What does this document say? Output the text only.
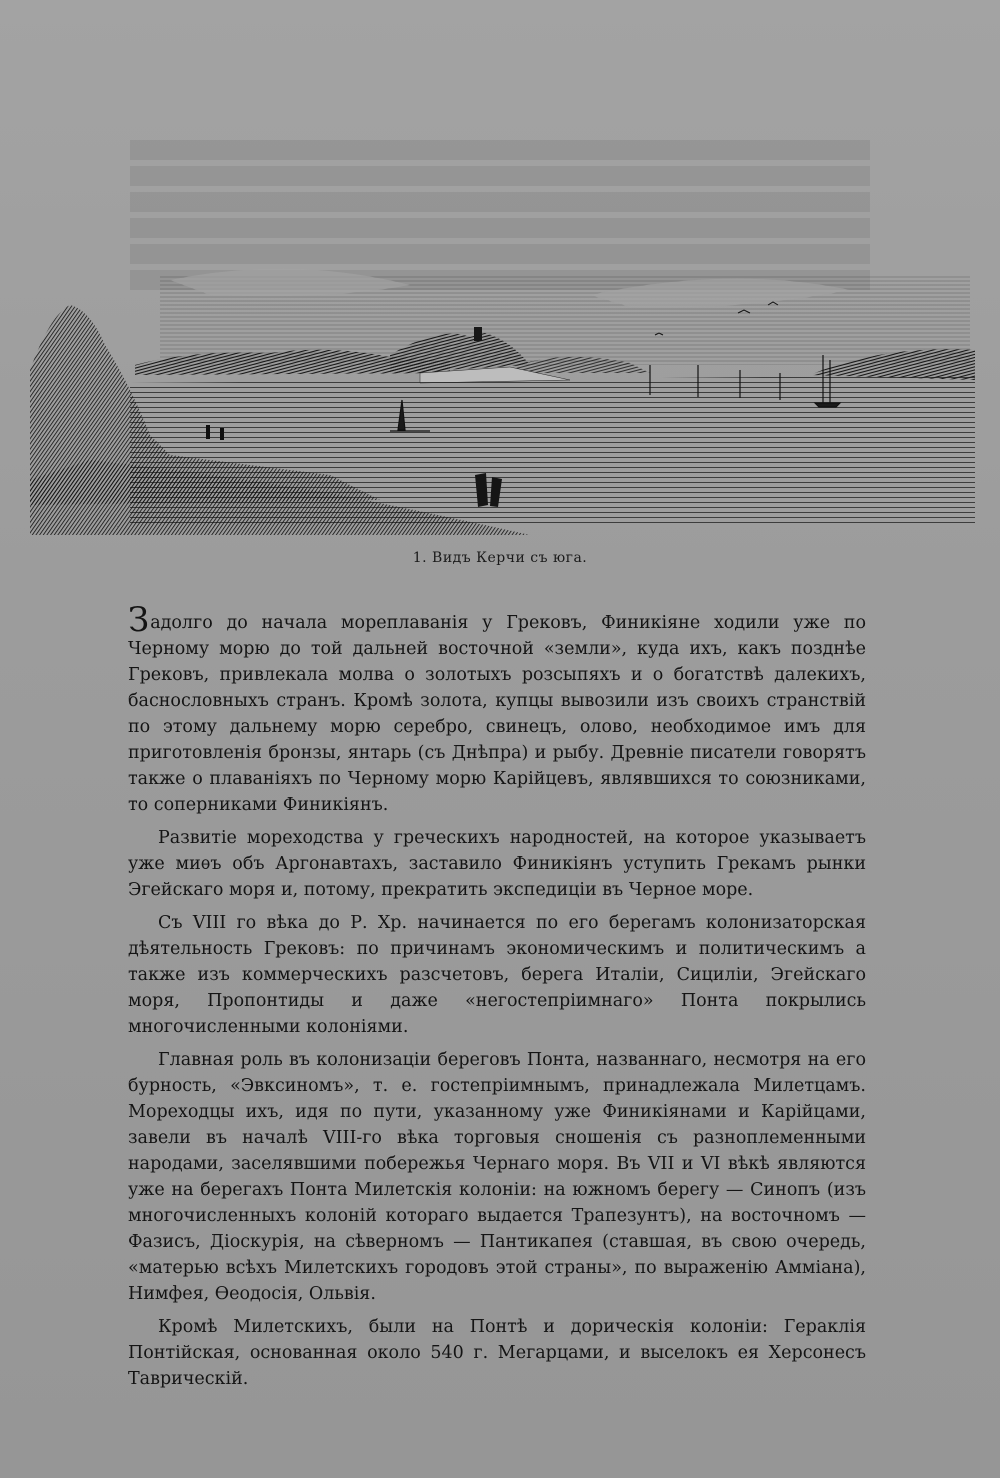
1. Видъ Керчи съ юга.

Задолго до начала мореплаванія у Грековъ, Финикіяне ходили уже по Черному морю до той дальней восточной «земли», куда ихъ, какъ позднѣе Грековъ, привлекала молва о золотыхъ розсыпяхъ и о богатствѣ далекихъ, баснословныхъ странъ. Кромѣ золота, купцы вывозили изъ своихъ странствій по этому дальнему морю серебро, свинецъ, олово, необходимое имъ для приготовленія бронзы, янтарь (съ Днѣпра) и рыбу. Древніе писатели говорятъ также о плаваніяхъ по Черному морю Карійцевъ, являвшихся то союзниками, то соперниками Финикіянъ.

Развитіе мореходства у греческихъ народностей, на которое указываетъ уже миѳъ объ Аргонавтахъ, заставило Финикіянъ уступить Грекамъ рынки Эгейскаго моря и, потому, прекратить экспедиціи въ Черное море.

Съ VIII го вѣка до Р. Хр. начинается по его берегамъ колонизаторская дѣятельность Грековъ: по причинамъ экономическимъ и политическимъ а также изъ коммерческихъ разсчетовъ, берега Италіи, Сициліи, Эгейскаго моря, Пропонтиды и даже «негостепріимнаго» Понта покрылись многочисленными колоніями.

Главная роль въ колонизаціи береговъ Понта, названнаго, несмотря на его бурность, «Эвксиномъ», т. е. гостепріимнымъ, принадлежала Милетцамъ. Мореходцы ихъ, идя по пути, указанному уже Финикіянами и Карійцами, завели въ началѣ VIII-го вѣка торговыя сношенія съ разноплеменными народами, заселявшими побережья Чернаго моря. Въ VII и VI вѣкѣ являются уже на берегахъ Понта Милетскія колоніи: на южномъ берегу — Синопъ (изъ многочисленныхъ колоній котораго выдается Трапезунтъ), на восточномъ — Фазисъ, Діоскурія, на сѣверномъ — Пантикапея (ставшая, въ свою очередь, «матерью всѣхъ Милетскихъ городовъ этой страны», по выраженію Амміана), Нимфея, Ѳеодосія, Ольвія.

Кромѣ Милетскихъ, были на Понтѣ и дорическія колоніи: Гераклія Понтійская, основанная около 540 г. Мегарцами, и выселокъ ея Херсонесъ Таврическій.
